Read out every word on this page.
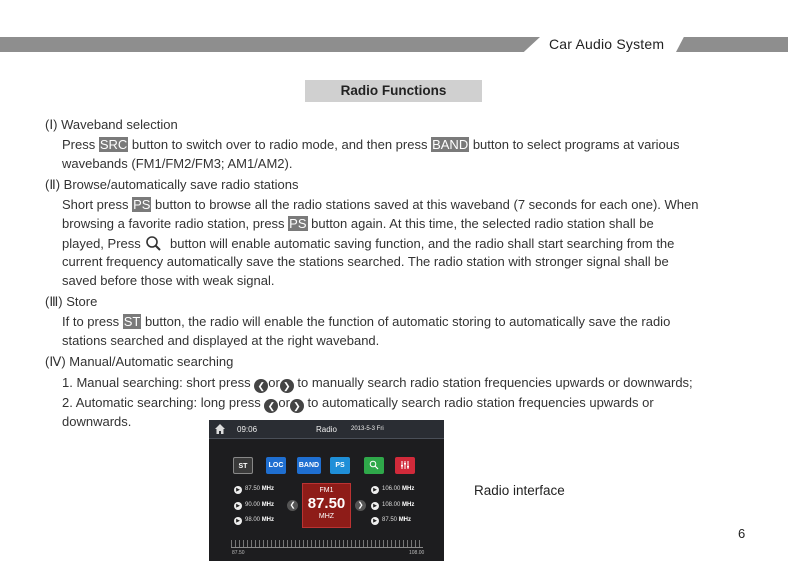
Car Audio System
Radio Functions
(Ⅰ) Waveband selection
Press SRC button to switch over to radio mode, and then press BAND button to select programs at various
wavebands (FM1/FM2/FM3; AM1/AM2).
(Ⅱ) Browse/automatically save radio stations
Short press PS button to browse all the radio stations saved at this waveband (7 seconds for each one). When
browsing a favorite radio station, press PS button again. At this time, the selected radio station shall be
played, Press  button will enable automatic saving function, and the radio shall start searching from the
current frequency automatically save the stations searched. The radio station with stronger signal shall be
saved before those with weak signal.
(Ⅲ) Store
If to press ST button, the radio will enable the function of automatic storing to automatically save the radio
stations searched and displayed at the right waveband.
(Ⅳ) Manual/Automatic searching
1. Manual searching: short press ❮ or ❯ to manually search radio station frequencies upwards or downwards;
2. Automatic searching: long press ❮ or ❯ to automatically search radio station frequencies upwards or
downwards.
09:06	Radio 2013-5-3 Fri
ST	LOC	BAND	PS
▶ 87.50 MHz
▶ 90.00 MHz
▶ 98.00 MHz
▶ 106.00 MHz
▶ 108.00 MHz
▶ 87.50 MHz
❮	❯
FM1
87.50
MHZ
87.50	108.00
Radio interface
6
